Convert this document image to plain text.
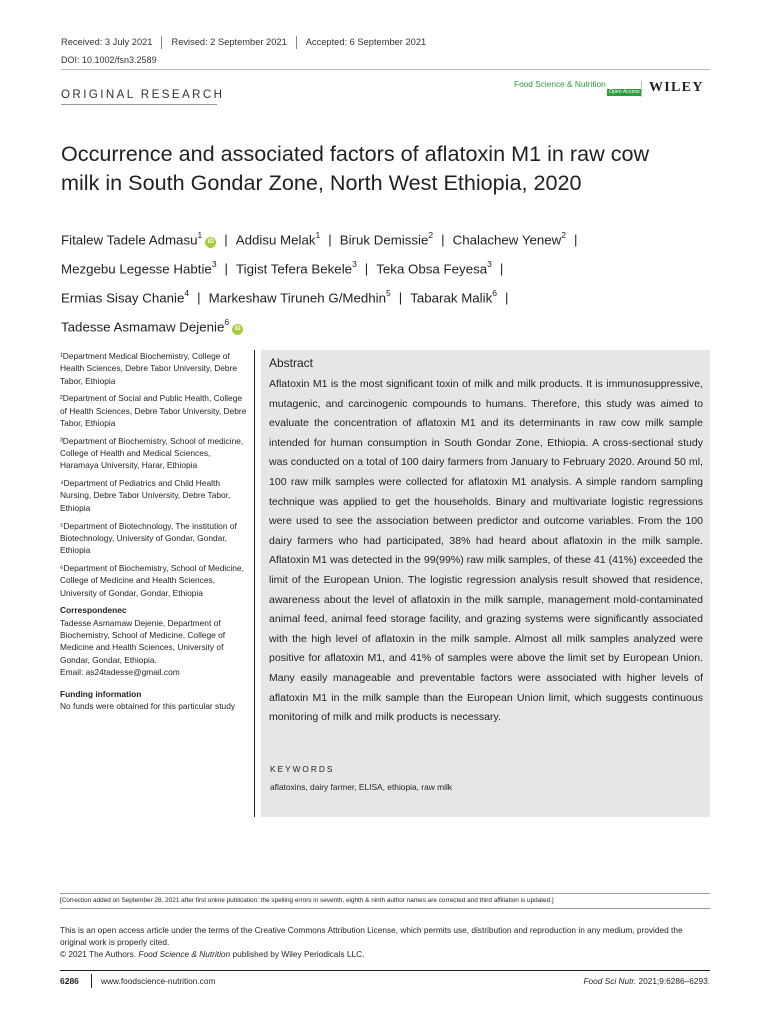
Received: 3 July 2021 Revised: 2 September 2021 Accepted: 6 September 2021
DOI: 10.1002/fsn3.2589
ORIGINAL RESEARCH
Food Science & Nutrition
Open Access WILEY
Occurrence and associated factors of aflatoxin M1 in raw cow
milk in South Gondar Zone, North West Ethiopia, 2020
Fitalew Tadele Admasu$^1$iD | Addisu Melak$^1$ | Biruk Demissie$^2$ | Chalachew Yenew$^2$ |
Mezgebu Legesse Habtie$^3$ | Tigist Tefera Bekele$^3$ | Teka Obsa Feyesa$^3$ |
Ermias Sisay Chanie$^4$ | Markeshaw Tiruneh G/Medhin$^5$ | Tabarak Malik$^6$ |
Tadesse Asmamaw Dejenie$^6$iD

¹Department Medical Biochemistry, College of Health Sciences, Debre Tabor University, Debre Tabor, Ethiopia

²Department of Social and Public Health, College of Health Sciences, Debre Tabor University, Debre Tabor, Ethiopia

³Department of Biochemistry, School of medicine, College of Health and Medical Sciences, Haramaya University, Harar, Ethiopia

⁴Department of Pediatrics and Child Health Nursing, Debre Tabor University, Debre Tabor, Ethiopia

⁵Department of Biotechnology, The institution of Biotechnology, University of Gondar, Gondar, Ethiopia

⁶Department of Biochemistry, School of Medicine, College of Medicine and Health Sciences, University of Gondar, Gondar, Ethiopia

Correspondenec
Tadesse Asmamaw Dejenie, Department of Biochemistry, School of Medicine, College of Medicine and Health Sciences, University of Gondar, Gondar, Ethiopia.
Email: as24tadesse@gmail.com
Funding information
No funds were obtained for this particular study
Abstract
Aflatoxin M1 is the most significant toxin of milk and milk products. It is immunosuppressive, mutagenic, and carcinogenic compounds to humans. Therefore, this study was aimed to evaluate the concentration of aflatoxin M1 and its determinants in raw cow milk sample intended for human consumption in South Gondar Zone, Ethiopia. A cross-sectional study was conducted on a total of 100 dairy farmers from January to February 2020. Around 50 ml, 100 raw milk samples were collected for aflatoxin M1 analysis. A simple random sampling technique was applied to get the households. Binary and multivariate logistic regressions were used to see the association between predictor and outcome variables. From the 100 dairy farmers who had participated, 38% had heard about aflatoxin in the milk sample. Aflatoxin M1 was detected in the 99(99%) raw milk samples, of these 41 (41%) exceeded the limit of the European Union. The logistic regression analysis result showed that residence, awareness about the level of aflatoxin in the milk sample, management mold-contaminated animal feed, animal feed storage facility, and grazing systems were significantly associated with the high level of aflatoxin in the milk sample. Almost all milk samples analyzed were positive for aflatoxin M1, and 41% of samples were above the limit set by European Union. Many easily manageable and preventable factors were associated with higher levels of aflatoxin M1 in the milk sample than the European Union limit, which suggests continuous monitoring of milk and milk products is necessary.
KEYWORDS
aflatoxins, dairy farmer, ELISA, ethiopia, raw milk
[Correction added on September 28, 2021 after first online publication: the spelling errors in seventh, eighth & ninth author names are corrected and third affiliation is updated.]

This is an open access article under the terms of the Creative Commons Attribution License, which permits use, distribution and reproduction in any medium, provided the original work is properly cited.

© 2021 The Authors. Food Science & Nutrition published by Wiley Periodicals LLC.

6286	www.foodscience-nutrition.com	Food Sci Nutr. 2021;9:6286–6293.
